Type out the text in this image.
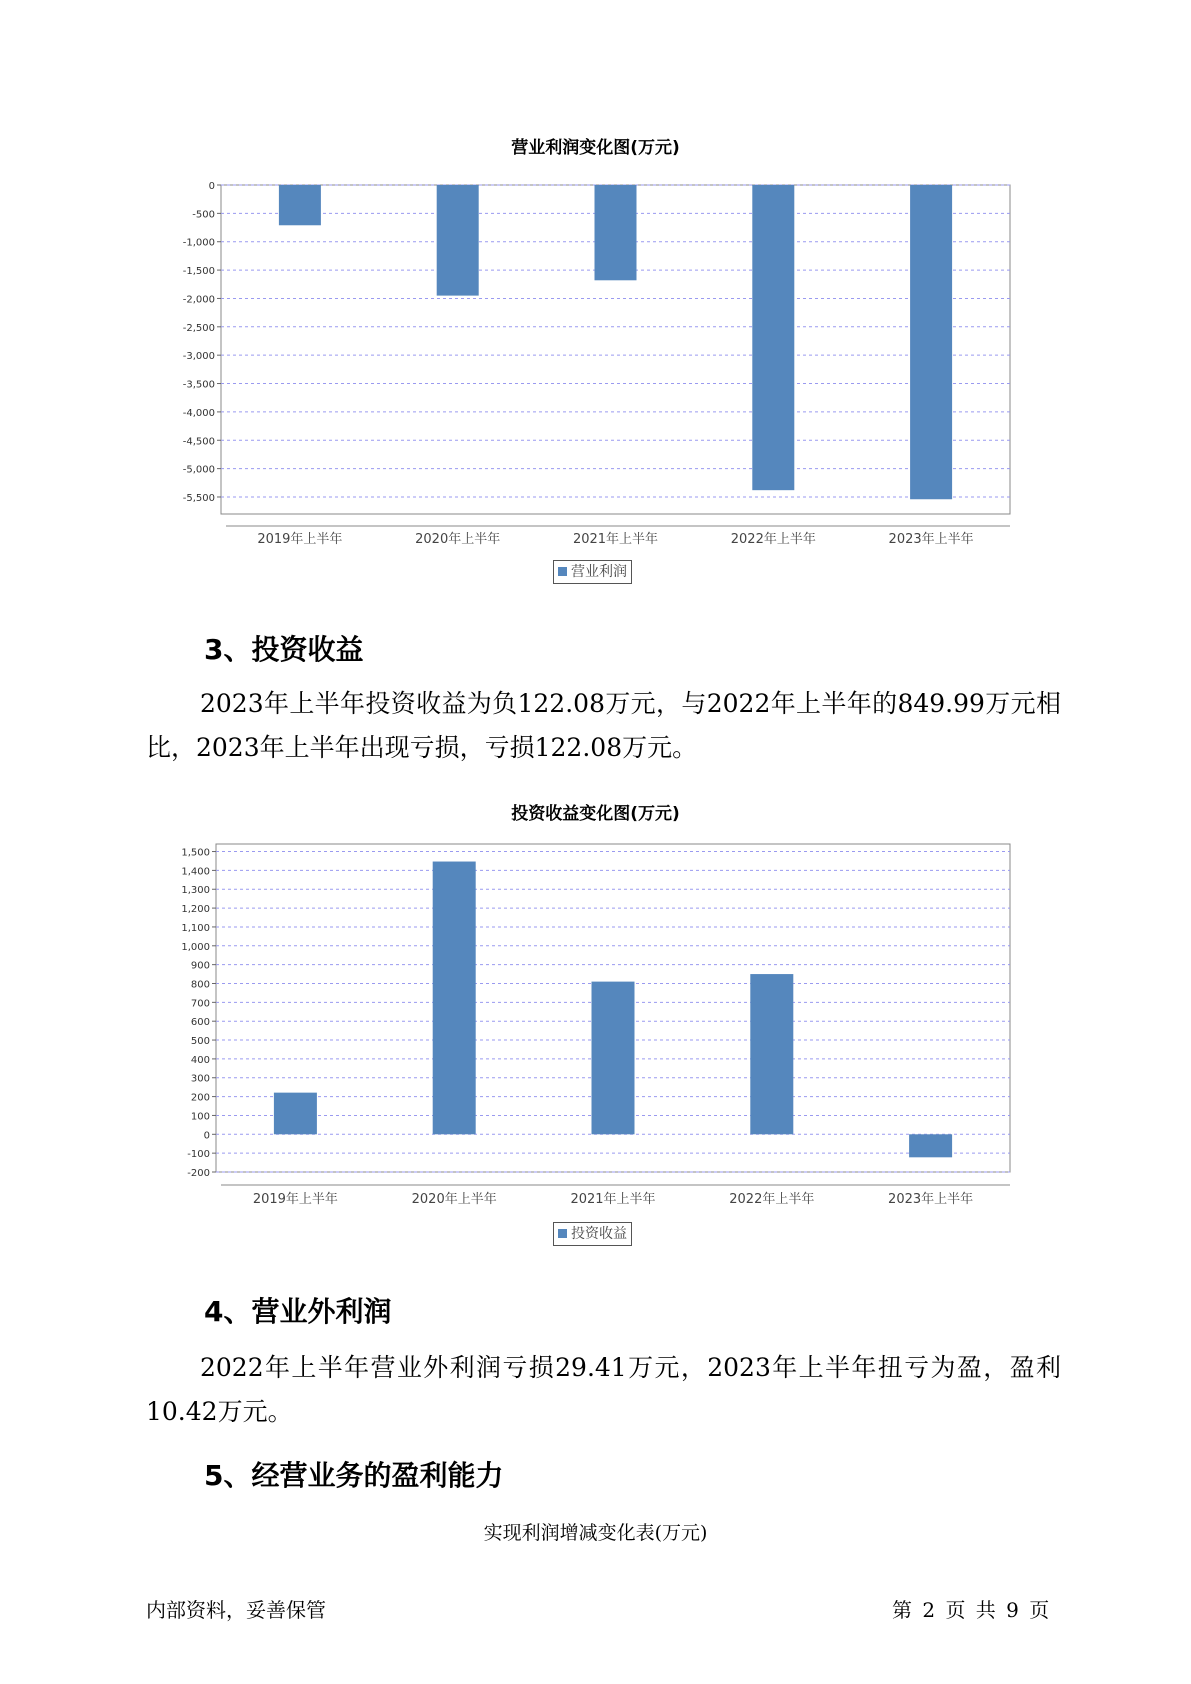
营业利润变化图(万元)
0
-500
-1,000
-1,500
-2,000
-2,500
-3,000
-3,500
-4,000
-4,500
-5,000
-5,500
2019年上半年	2020年上半年	2021年上半年	2022年上半年	2023年上半年
营业利润
3、投资收益

2023年上半年投资收益为负122.08万元，与2022年上半年的849.99万元相比，2023年上半年出现亏损，亏损122.08万元。

投资收益变化图(万元)
1,500
1,400
1,300
1,200
1,100
1,000
900
800
700
600
500
400
300
200
100
0
-100
-200
2019年上半年	2020年上半年	2021年上半年	2022年上半年	2023年上半年
投资收益
4、营业外利润

2022年上半年营业外利润亏损29.41万元，2023年上半年扭亏为盈，盈利10.42万元。

5、经营业务的盈利能力
实现利润增减变化表(万元)
内部资料，妥善保管	第 2 页 共 9 页
